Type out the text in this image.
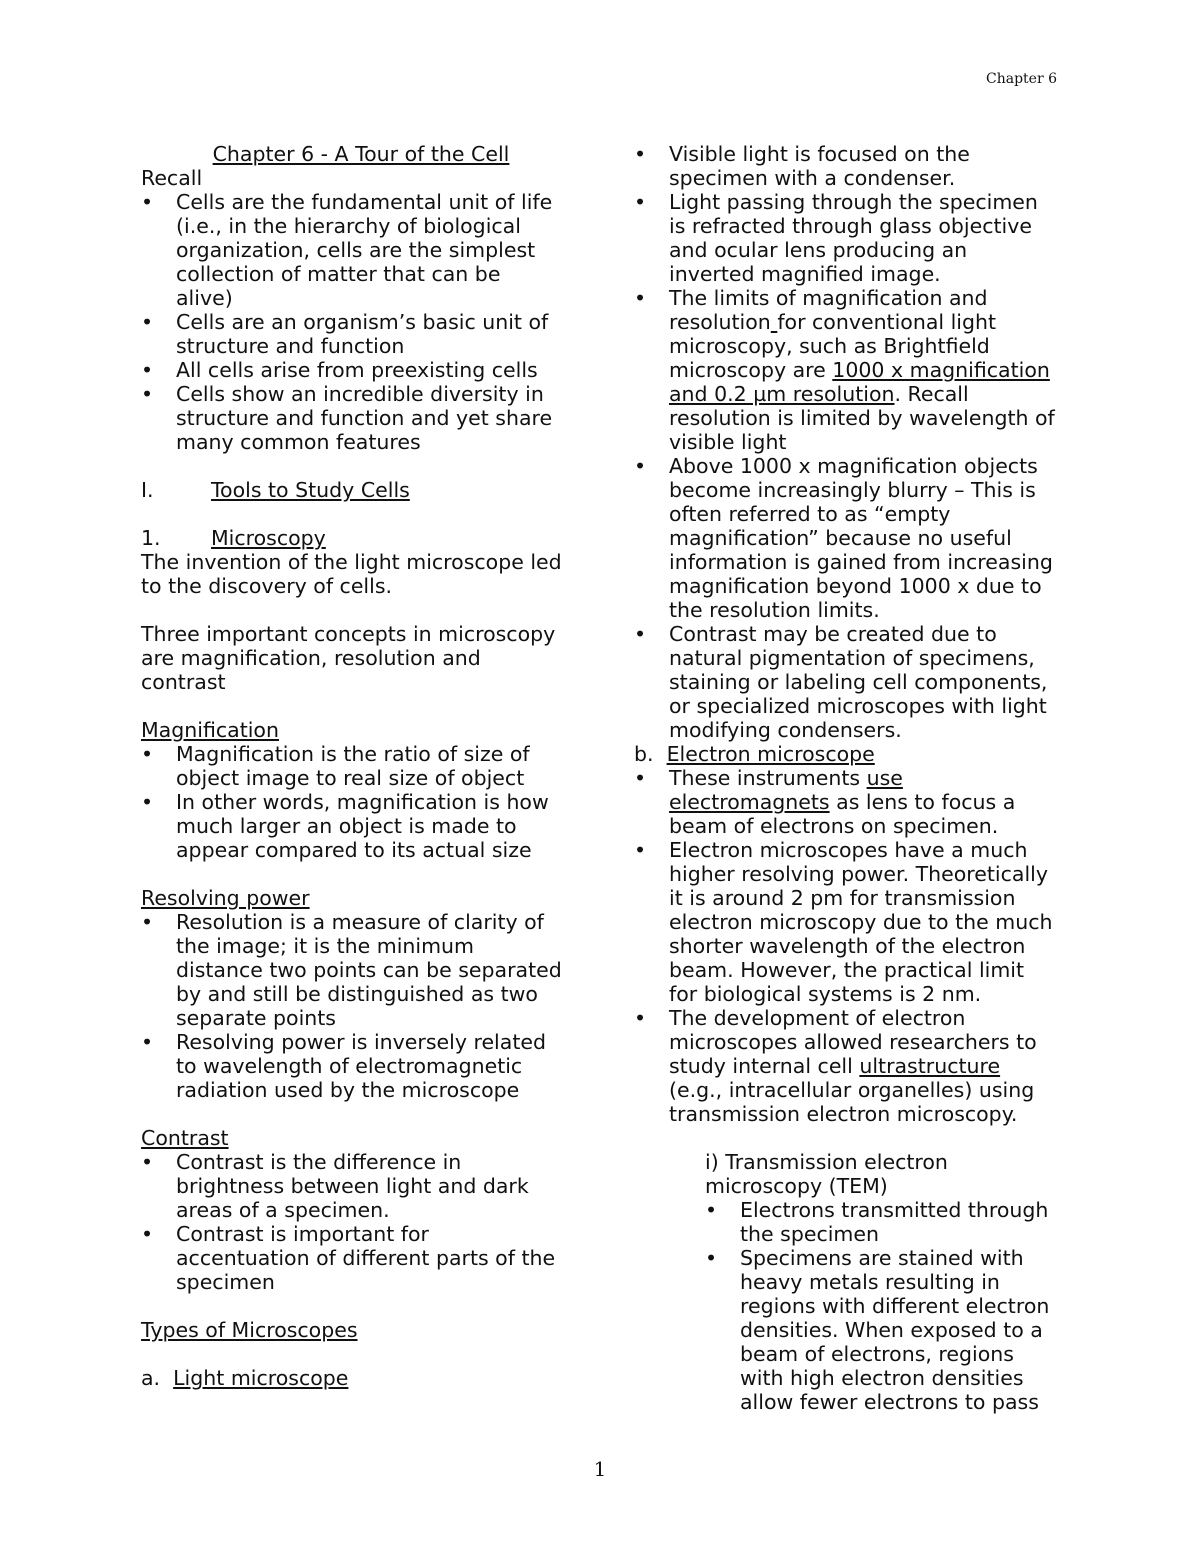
Chapter 6
Chapter 6 - A Tour of the Cell
Recall
•	Cells are the fundamental unit of life
(i.e., in the hierarchy of biological
organization, cells are the simplest
collection of matter that can be
alive)
•	Cells are an organism’s basic unit of
structure and function
•	All cells arise from preexisting cells
•	Cells show an incredible diversity in
structure and function and yet share
many common features
I.	Tools to Study Cells
1. Microscopy
The invention of the light microscope led
to the discovery of cells.
Three important concepts in microscopy
are magnification, resolution and
contrast
Magnification
•	Magnification is the ratio of size of
object image to real size of object
•	In other words, magnification is how
much larger an object is made to
appear compared to its actual size
Resolving power
•	Resolution is a measure of clarity of
the image; it is the minimum
distance two points can be separated
by and still be distinguished as two
separate points
•	Resolving power is inversely related
to wavelength of electromagnetic
radiation used by the microscope
Contrast
•	Contrast is the difference in
brightness between light and dark
areas of a specimen.
•	Contrast is important for
accentuation of different parts of the
specimen
Types of Microscopes
a. Light microscope
•	Visible light is focused on the
specimen with a condenser.
•	Light passing through the specimen
is refracted through glass objective
and ocular lens producing an
inverted magnified image.
•	The limits of magnification and
resolution for conventional light
microscopy, such as Brightfield
microscopy are 1000 x magnification
and 0.2 µm resolution. Recall
resolution is limited by wavelength of
visible light
•	Above 1000 x magnification objects
become increasingly blurry – This is
often referred to as “empty
magnification” because no useful
information is gained from increasing
magnification beyond 1000 x due to
the resolution limits.
•	Contrast may be created due to
natural pigmentation of specimens,
staining or labeling cell components,
or specialized microscopes with light
modifying condensers.
b. Electron microscope
•	These instruments use
electromagnets as lens to focus a
beam of electrons on specimen.
•	Electron microscopes have a much
higher resolving power. Theoretically
it is around 2 pm for transmission
electron microscopy due to the much
shorter wavelength of the electron
beam. However, the practical limit
for biological systems is 2 nm.
•	The development of electron
microscopes allowed researchers to
study internal cell ultrastructure
(e.g., intracellular organelles) using
transmission electron microscopy.
i) Transmission electron
microscopy (TEM)
•	Electrons transmitted through
the specimen
•	Specimens are stained with
heavy metals resulting in
regions with different electron
densities. When exposed to a
beam of electrons, regions
with high electron densities
allow fewer electrons to pass
1
